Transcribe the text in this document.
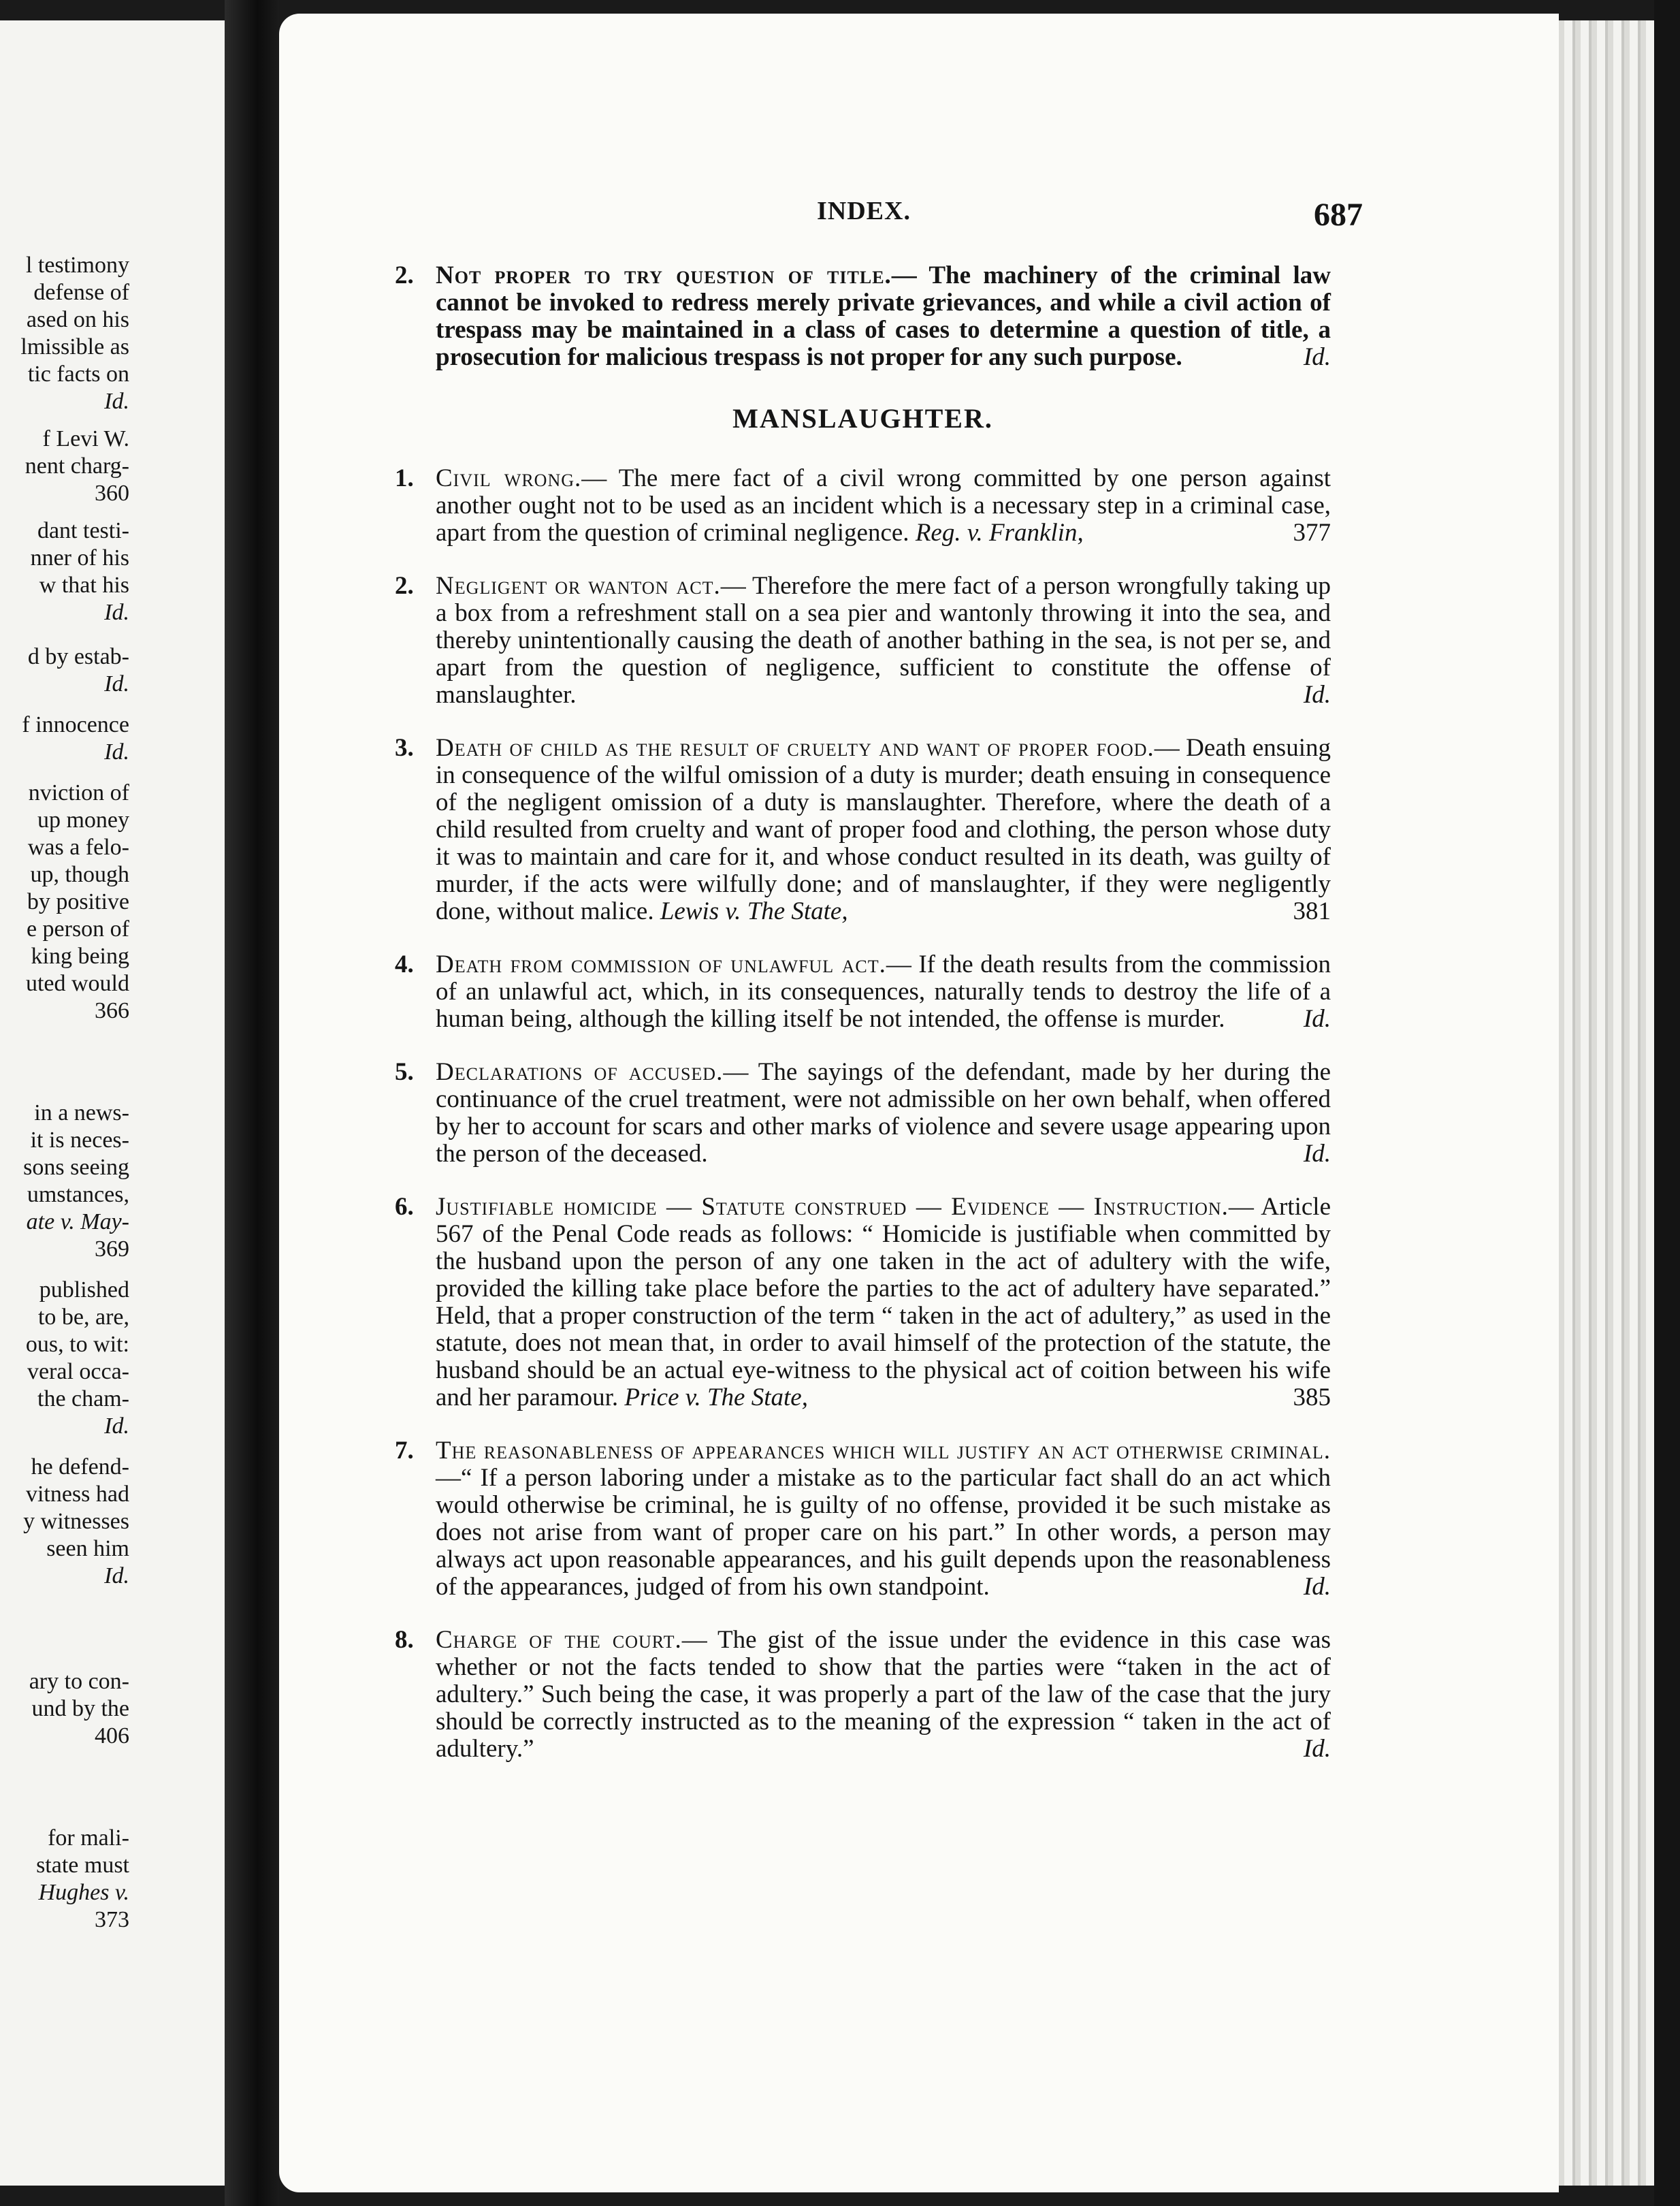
l testimony
defense of
ased on his
lmissible as
tic facts on
Id.
f Levi W.
nent charg-
360
dant testi-
nner of his
w that his
Id.
d by estab-
Id.
f innocence
Id.
nviction of
up money
was a felo-
up, though
by positive
e person of
king being
uted would
366
in a news-
it is neces-
sons seeing
umstances,
ate v. May-
369
published
to be, are,
ous, to wit:
veral occa-
the cham-
Id.
he defend-
vitness had
y witnesses
seen him
Id.
ary to con-
und by the
406
for mali-
state must
Hughes v.
373
INDEX.	687
2. Not proper to try question of title.— The machinery of the criminal law cannot be invoked to redress merely private grievances, and while a civil action of trespass may be maintained in a class of cases to determine a question of title, a prosecution for malicious trespass is not proper for any such purpose.	Id.
MANSLAUGHTER.
1. Civil wrong.— The mere fact of a civil wrong committed by one person against another ought not to be used as an incident which is a necessary step in a criminal case, apart from the question of criminal negligence. Reg. v. Franklin,	377
2. Negligent or wanton act.— Therefore the mere fact of a person wrongfully taking up a box from a refreshment stall on a sea pier and wantonly throwing it into the sea, and thereby unintentionally causing the death of another bathing in the sea, is not per se, and apart from the question of negligence, sufficient to constitute the offense of manslaughter.	Id.
3. Death of child as the result of cruelty and want of proper food.— Death ensuing in consequence of the wilful omission of a duty is murder; death ensuing in consequence of the negligent omission of a duty is manslaughter. Therefore, where the death of a child resulted from cruelty and want of proper food and clothing, the person whose duty it was to maintain and care for it, and whose conduct resulted in its death, was guilty of murder, if the acts were wilfully done; and of manslaughter, if they were negligently done, without malice. Lewis v. The State,	381
4. Death from commission of unlawful act.— If the death results from the commission of an unlawful act, which, in its consequences, naturally tends to destroy the life of a human being, although the killing itself be not intended, the offense is murder.	Id.
5. Declarations of accused.— The sayings of the defendant, made by her during the continuance of the cruel treatment, were not admissible on her own behalf, when offered by her to account for scars and other marks of violence and severe usage appearing upon the person of the deceased.	Id.
6. Justifiable homicide — Statute construed — Evidence — Instruction.— Article 567 of the Penal Code reads as follows: “ Homicide is justifiable when committed by the husband upon the person of any one taken in the act of adultery with the wife, provided the killing take place before the parties to the act of adultery have separated.” Held, that a proper construction of the term “ taken in the act of adultery,” as used in the statute, does not mean that, in order to avail himself of the protection of the statute, the husband should be an actual eye-witness to the physical act of coition between his wife and her paramour. Price v. The State,	385
7. The reasonableness of appearances which will justify an act otherwise criminal.—“ If a person laboring under a mistake as to the particular fact shall do an act which would otherwise be criminal, he is guilty of no offense, provided it be such mistake as does not arise from want of proper care on his part.” In other words, a person may always act upon reasonable appearances, and his guilt depends upon the reasonableness of the appearances, judged of from his own standpoint.	Id.
8. Charge of the court.— The gist of the issue under the evidence in this case was whether or not the facts tended to show that the parties were “taken in the act of adultery.” Such being the case, it was properly a part of the law of the case that the jury should be correctly instructed as to the meaning of the expression “ taken in the act of adultery.”	Id.
